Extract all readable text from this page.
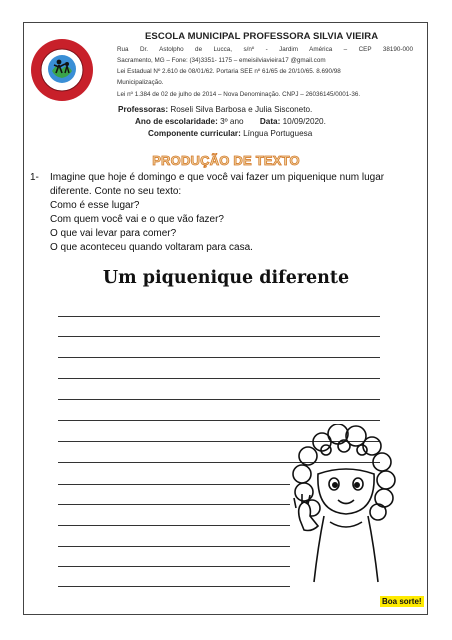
ESCOLA MUNICIPAL PROFESSORA SILVIA VIEIRA
Rua Dr. Astolpho de Lucca, s/nº - Jardim América – CEP 38190-000
Sacramento, MG – Fone: (34)3351- 1175 – emeisilviavieira17 @gmail.com
Lei Estadual Nº 2.610 de 08/01/62. Portaria SEE nº 61/65 de 20/10/65. 8.690/98
Municipalização.
Lei nº 1.384 de 02 de julho de 2014 – Nova Denominação. CNPJ – 26036145/0001-36.
Professoras: Roseli Silva Barbosa e Julia Sisconeto.
Ano de escolaridade: 3º ano Data: 10/09/2020.
Componente curricular: Língua Portuguesa
PRODUÇÃO DE TEXTO
1- Imagine que hoje é domingo e que você vai fazer um piquenique num lugar
diferente. Conte no seu texto:
Como é esse lugar?
Com quem você vai e o que vão fazer?
O que vai levar para comer?
O que aconteceu quando voltaram para casa.
Um piquenique diferente
Boa sorte!
